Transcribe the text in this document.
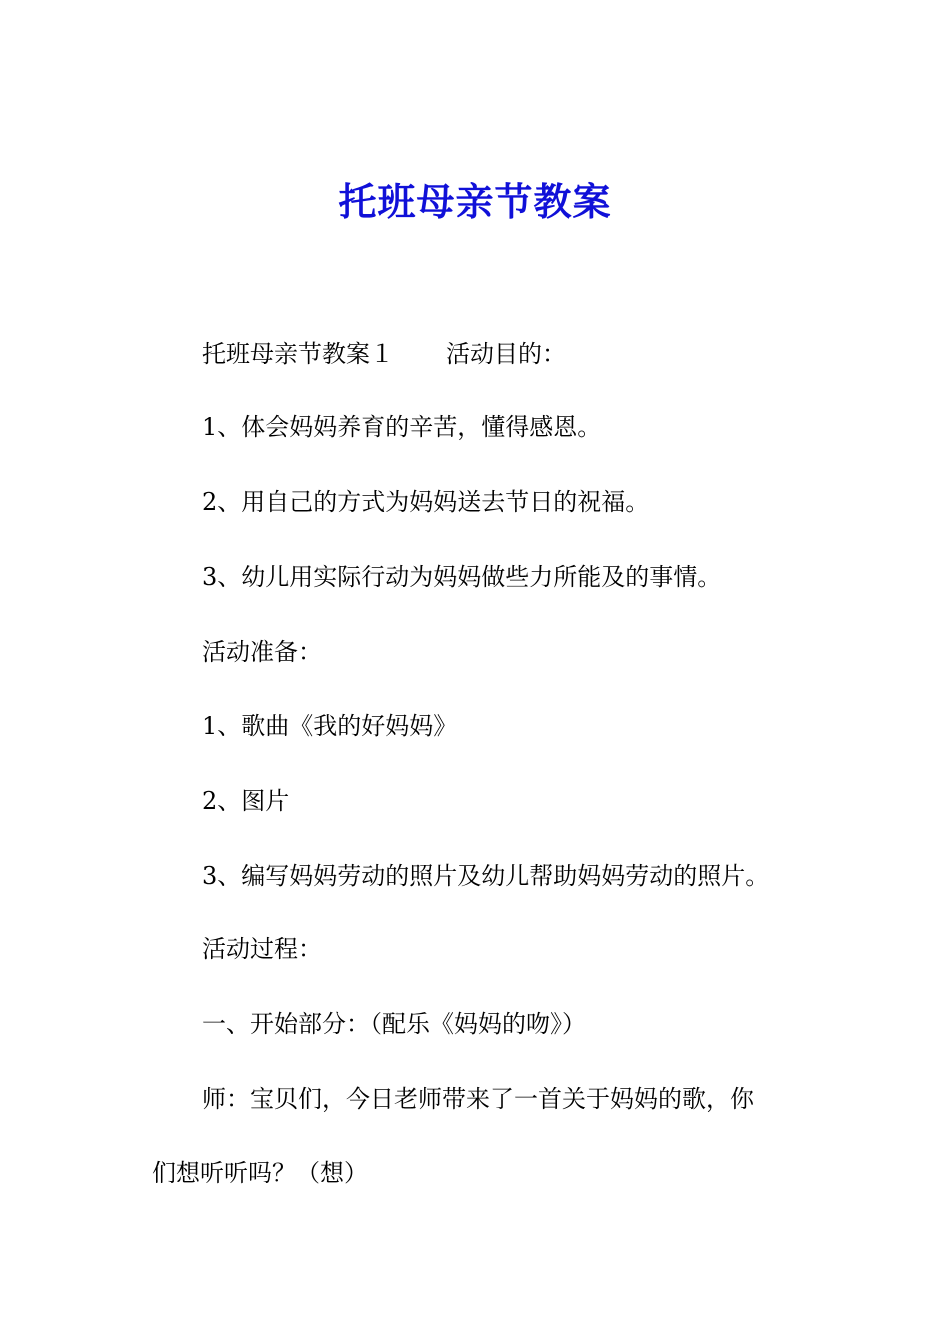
托班母亲节教案
托班母亲节教案１ 活动目的：
1、体会妈妈养育的辛苦，懂得感恩。
2、用自己的方式为妈妈送去节日的祝福。
3、幼儿用实际行动为妈妈做些力所能及的事情。
活动准备：
1、歌曲《我的好妈妈》
2、图片
3、编写妈妈劳动的照片及幼儿帮助妈妈劳动的照片。
活动过程：
一、开始部分：（配乐《妈妈的吻》）
师：宝贝们，今日老师带来了一首关于妈妈的歌，你
们想听听吗？（想）
